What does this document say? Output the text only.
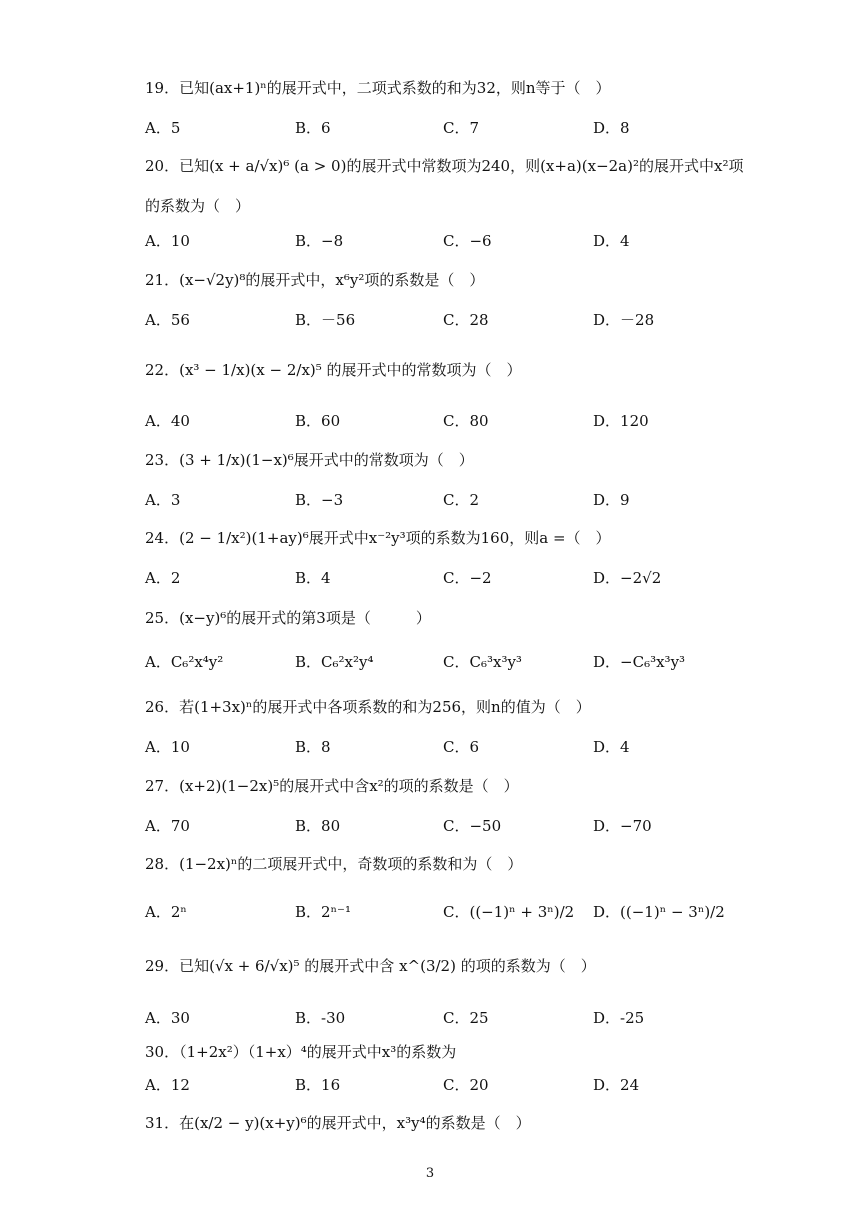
19．已知(ax+1)ⁿ的展开式中，二项式系数的和为32，则n等于（　）
A．5	B．6	C．7	D．8
20．已知(x + a/√x)⁶ (a > 0)的展开式中常数项为240，则(x+a)(x−2a)²的展开式中x²项
的系数为（　）
A．10	B．−8	C．−6	D．4
21．(x−√2y)⁸的展开式中，x⁶y²项的系数是（　）
A．56	B．－56	C．28	D．－28
22．(x³ − 1/x)(x − 2/x)⁵ 的展开式中的常数项为（　）
A．40	B．60	C．80	D．120
23．(3 + 1/x)(1−x)⁶展开式中的常数项为（　）
A．3	B．−3	C．2	D．9
24．(2 − 1/x²)(1+ay)⁶展开式中x⁻²y³项的系数为160，则a =（　）
A．2	B．4	C．−2	D．−2√2
25．(x−y)⁶的展开式的第3项是（　　　）
A．C₆²x⁴y²	B．C₆²x²y⁴	C．C₆³x³y³	D．−C₆³x³y³
26．若(1+3x)ⁿ的展开式中各项系数的和为256，则n的值为（　）
A．10	B．8	C．6	D．4
27．(x+2)(1−2x)⁵的展开式中含x²的项的系数是（　）
A．70	B．80	C．−50	D．−70
28．(1−2x)ⁿ的二项展开式中，奇数项的系数和为（　）
A．2ⁿ	B．2ⁿ⁻¹	C．((−1)ⁿ + 3ⁿ)/2 D．((−1)ⁿ − 3ⁿ)/2
29．已知(√x + 6/√x)⁵ 的展开式中含 x^(3/2) 的项的系数为（　）
A．30	B．-30	C．25	D．-25
30．（1+2x²）（1+x）⁴的展开式中x³的系数为
A．12	B．16	C．20	D．24
31．在(x/2 − y)(x+y)⁶的展开式中，x³y⁴的系数是（　）
3
